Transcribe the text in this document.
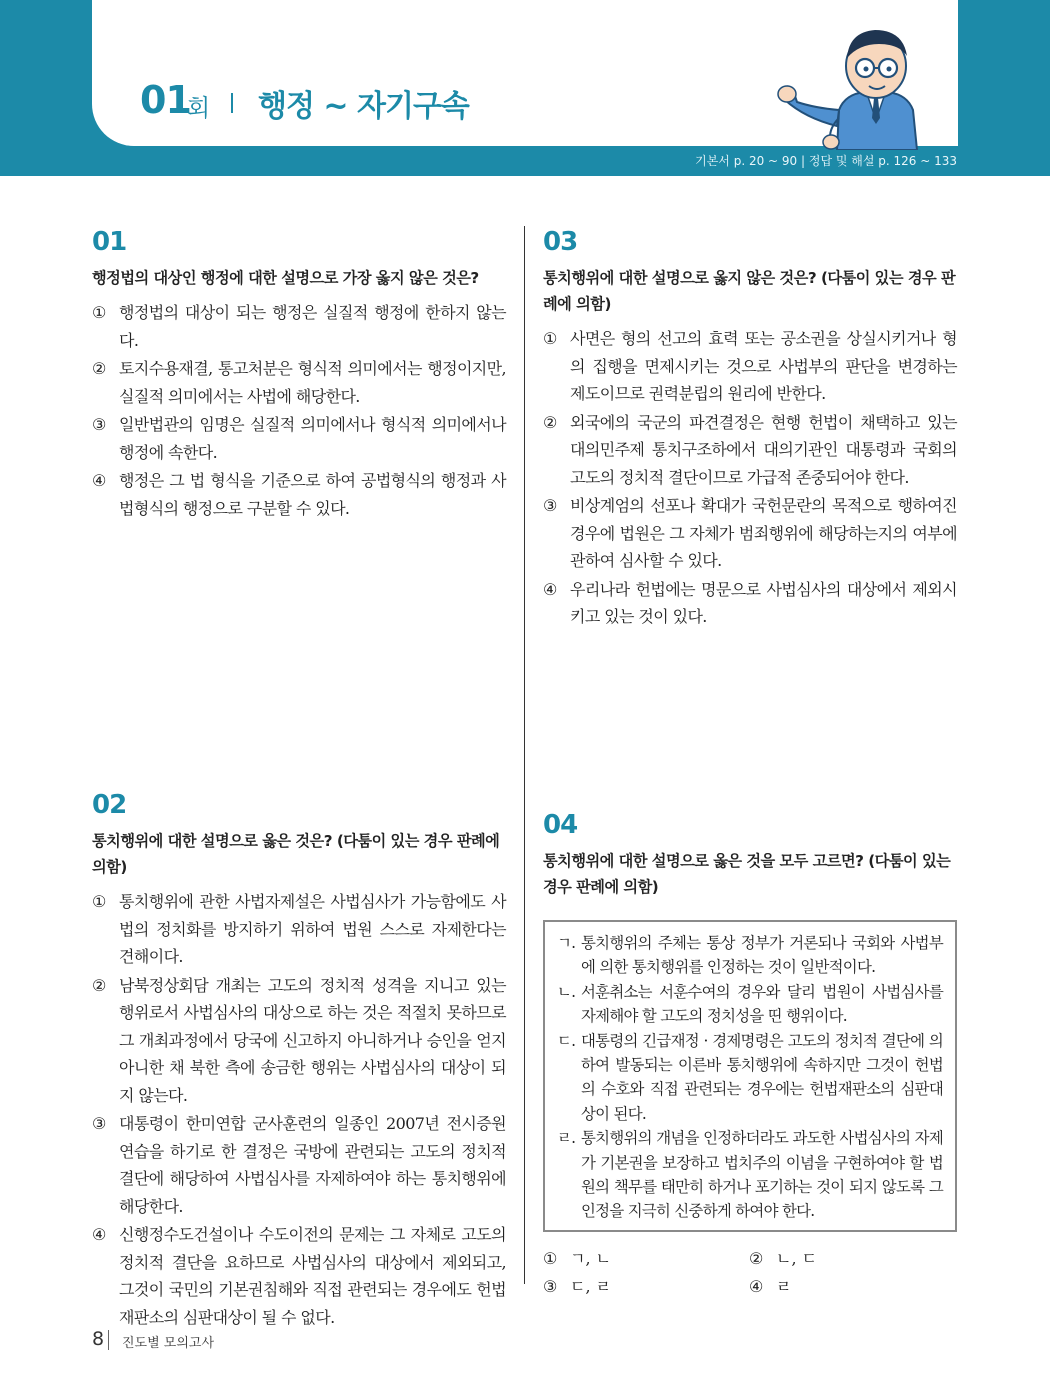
01
회 행정 ~ 자기구속
기본서 p. 20 ~ 90 | 정답 및 해설 p. 126 ~ 133
01
행정법의 대상인 행정에 대한 설명으로 가장 옳지 않은 것은?
① 행정법의 대상이 되는 행정은 실질적 행정에 한하지 않는다.
② 토지수용재결, 통고처분은 형식적 의미에서는 행정이지만, 실질적 의미에서는 사법에 해당한다.
③ 일반법관의 임명은 실질적 의미에서나 형식적 의미에서나 행정에 속한다.
④ 행정은 그 법 형식을 기준으로 하여 공법형식의 행정과 사법형식의 행정으로 구분할 수 있다.
02
통치행위에 대한 설명으로 옳은 것은? (다툼이 있는 경우 판례에 의함)
① 통치행위에 관한 사법자제설은 사법심사가 가능함에도 사법의 정치화를 방지하기 위하여 법원 스스로 자제한다는 견해이다.
② 남북정상회담 개최는 고도의 정치적 성격을 지니고 있는 행위로서 사법심사의 대상으로 하는 것은 적절치 못하므로 그 개최과정에서 당국에 신고하지 아니하거나 승인을 얻지 아니한 채 북한 측에 송금한 행위는 사법심사의 대상이 되지 않는다.
③ 대통령이 한미연합 군사훈련의 일종인 2007년 전시증원 연습을 하기로 한 결정은 국방에 관련되는 고도의 정치적 결단에 해당하여 사법심사를 자제하여야 하는 통치행위에 해당한다.
④ 신행정수도건설이나 수도이전의 문제는 그 자체로 고도의 정치적 결단을 요하므로 사법심사의 대상에서 제외되고, 그것이 국민의 기본권침해와 직접 관련되는 경우에도 헌법재판소의 심판대상이 될 수 없다.
03
통치행위에 대한 설명으로 옳지 않은 것은? (다툼이 있는 경우 판례에 의함)
① 사면은 형의 선고의 효력 또는 공소권을 상실시키거나 형의 집행을 면제시키는 것으로 사법부의 판단을 변경하는 제도이므로 권력분립의 원리에 반한다.
② 외국에의 국군의 파견결정은 현행 헌법이 채택하고 있는 대의민주제 통치구조하에서 대의기관인 대통령과 국회의 고도의 정치적 결단이므로 가급적 존중되어야 한다.
③ 비상계엄의 선포나 확대가 국헌문란의 목적으로 행하여진 경우에 법원은 그 자체가 범죄행위에 해당하는지의 여부에 관하여 심사할 수 있다.
④ 우리나라 헌법에는 명문으로 사법심사의 대상에서 제외시키고 있는 것이 있다.
04
통치행위에 대한 설명으로 옳은 것을 모두 고르면? (다툼이 있는 경우 판례에 의함)
ㄱ. 통치행위의 주체는 통상 정부가 거론되나 국회와 사법부에 의한 통치행위를 인정하는 것이 일반적이다.
ㄴ. 서훈취소는 서훈수여의 경우와 달리 법원이 사법심사를 자제해야 할 고도의 정치성을 띤 행위이다.
ㄷ. 대통령의 긴급재정 · 경제명령은 고도의 정치적 결단에 의하여 발동되는 이른바 통치행위에 속하지만 그것이 헌법의 수호와 직접 관련되는 경우에는 헌법재판소의 심판대상이 된다.
ㄹ. 통치행위의 개념을 인정하더라도 과도한 사법심사의 자제가 기본권을 보장하고 법치주의 이념을 구현하여야 할 법원의 책무를 태만히 하거나 포기하는 것이 되지 않도록 그 인정을 지극히 신중하게 하여야 한다.
① ㄱ, ㄴ	② ㄴ, ㄷ
③ ㄷ, ㄹ	④ ㄹ
8 진도별 모의고사
